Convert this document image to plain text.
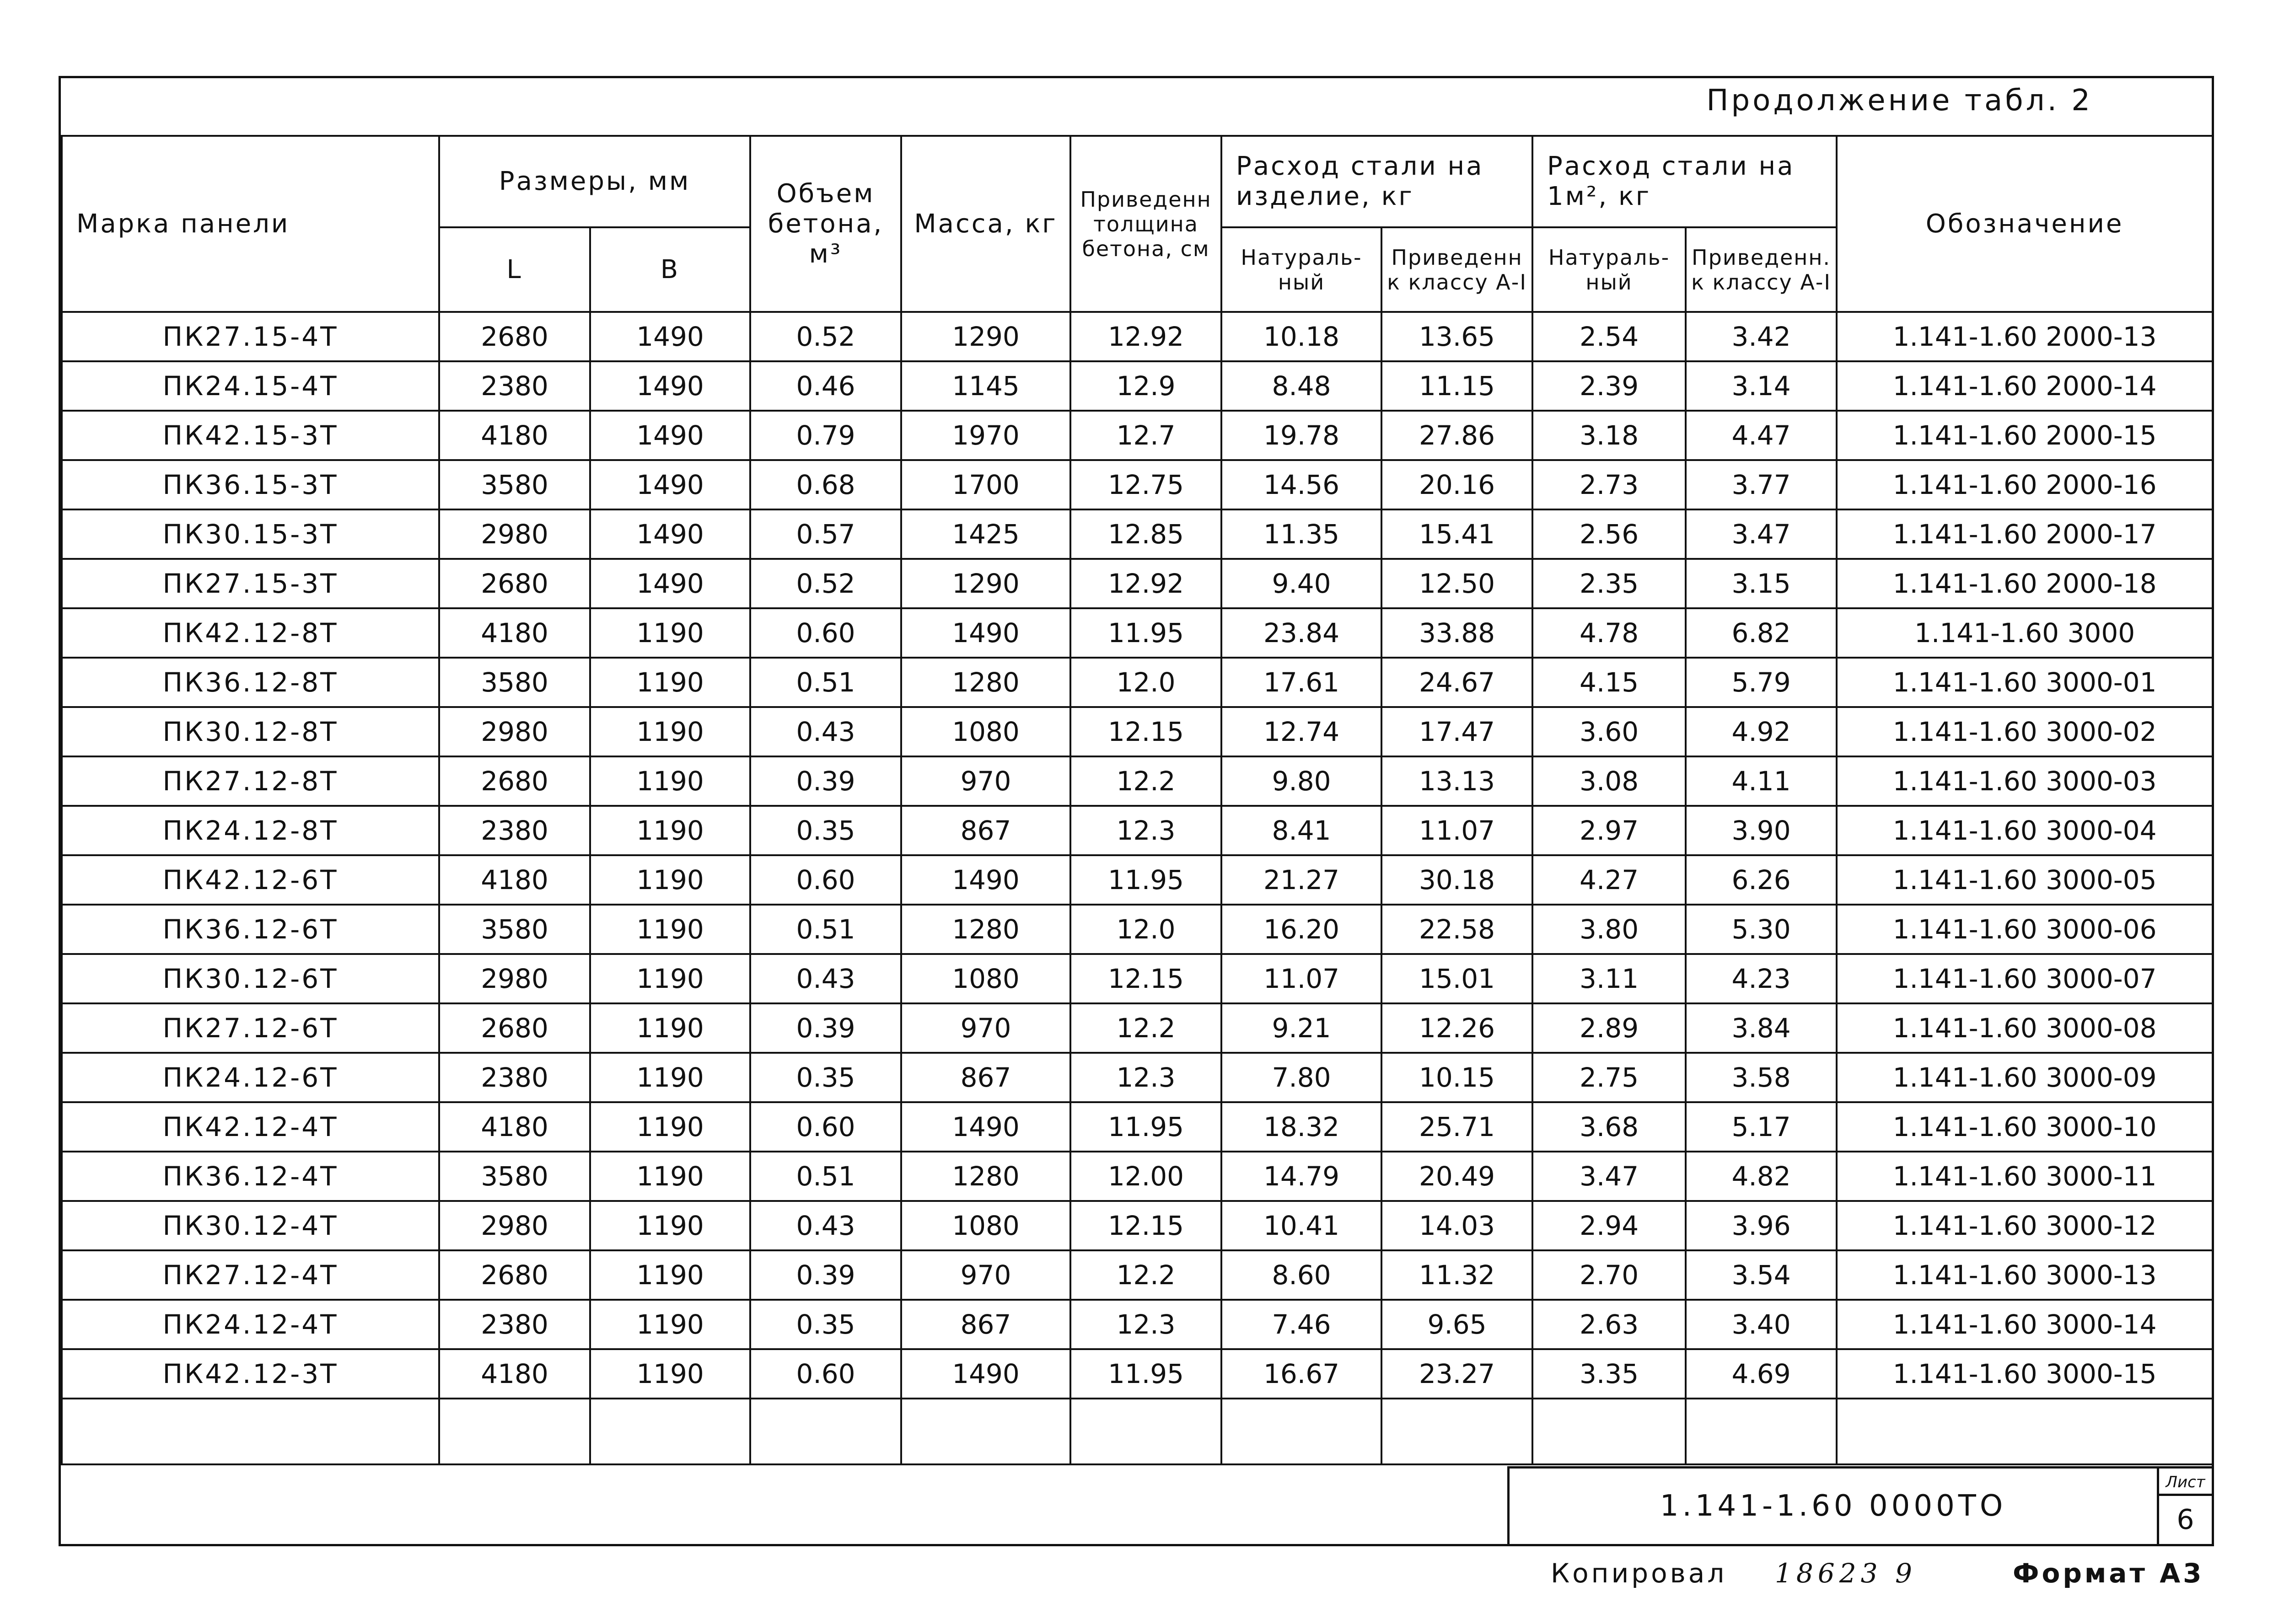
Продолжение табл. 2
Марка панели	Размеры, мм		Объем бетона, м³	Масса, кг	Приведенн толщина бетона, см	Расход стали на изделие, кг		Расход стали на 1м², кг		Обозначение
	L	В				Натураль-ный	Приведенн к классу А-I	Натураль-ный	Приведенн. к классу А-I	
ПК27.15-4Т	2680	1490	0.52	1290	12.92	10.18	13.65	2.54	3.42	1.141-1.60 2000-13
ПК24.15-4Т	2380	1490	0.46	1145	12.9	8.48	11.15	2.39	3.14	1.141-1.60 2000-14
ПК42.15-3Т	4180	1490	0.79	1970	12.7	19.78	27.86	3.18	4.47	1.141-1.60 2000-15
ПК36.15-3Т	3580	1490	0.68	1700	12.75	14.56	20.16	2.73	3.77	1.141-1.60 2000-16
ПК30.15-3Т	2980	1490	0.57	1425	12.85	11.35	15.41	2.56	3.47	1.141-1.60 2000-17
ПК27.15-3Т	2680	1490	0.52	1290	12.92	9.40	12.50	2.35	3.15	1.141-1.60 2000-18
ПК42.12-8Т	4180	1190	0.60	1490	11.95	23.84	33.88	4.78	6.82	1.141-1.60 3000
ПК36.12-8Т	3580	1190	0.51	1280	12.0	17.61	24.67	4.15	5.79	1.141-1.60 3000-01
ПК30.12-8Т	2980	1190	0.43	1080	12.15	12.74	17.47	3.60	4.92	1.141-1.60 3000-02
ПК27.12-8Т	2680	1190	0.39	970	12.2	9.80	13.13	3.08	4.11	1.141-1.60 3000-03
ПК24.12-8Т	2380	1190	0.35	867	12.3	8.41	11.07	2.97	3.90	1.141-1.60 3000-04
ПК42.12-6Т	4180	1190	0.60	1490	11.95	21.27	30.18	4.27	6.26	1.141-1.60 3000-05
ПК36.12-6Т	3580	1190	0.51	1280	12.0	16.20	22.58	3.80	5.30	1.141-1.60 3000-06
ПК30.12-6Т	2980	1190	0.43	1080	12.15	11.07	15.01	3.11	4.23	1.141-1.60 3000-07
ПК27.12-6Т	2680	1190	0.39	970	12.2	9.21	12.26	2.89	3.84	1.141-1.60 3000-08
ПК24.12-6Т	2380	1190	0.35	867	12.3	7.80	10.15	2.75	3.58	1.141-1.60 3000-09
ПК42.12-4Т	4180	1190	0.60	1490	11.95	18.32	25.71	3.68	5.17	1.141-1.60 3000-10
ПК36.12-4Т	3580	1190	0.51	1280	12.00	14.79	20.49	3.47	4.82	1.141-1.60 3000-11
ПК30.12-4Т	2980	1190	0.43	1080	12.15	10.41	14.03	2.94	3.96	1.141-1.60 3000-12
ПК27.12-4Т	2680	1190	0.39	970	12.2	8.60	11.32	2.70	3.54	1.141-1.60 3000-13
ПК24.12-4Т	2380	1190	0.35	867	12.3	7.46	9.65	2.63	3.40	1.141-1.60 3000-14
ПК42.12-3Т	4180	1190	0.60	1490	11.95	16.67	23.27	3.35	4.69	1.141-1.60 3000-15

1.141-1.60 0000ТО
Лист
6
Копировал 18623 9	Формат А3
